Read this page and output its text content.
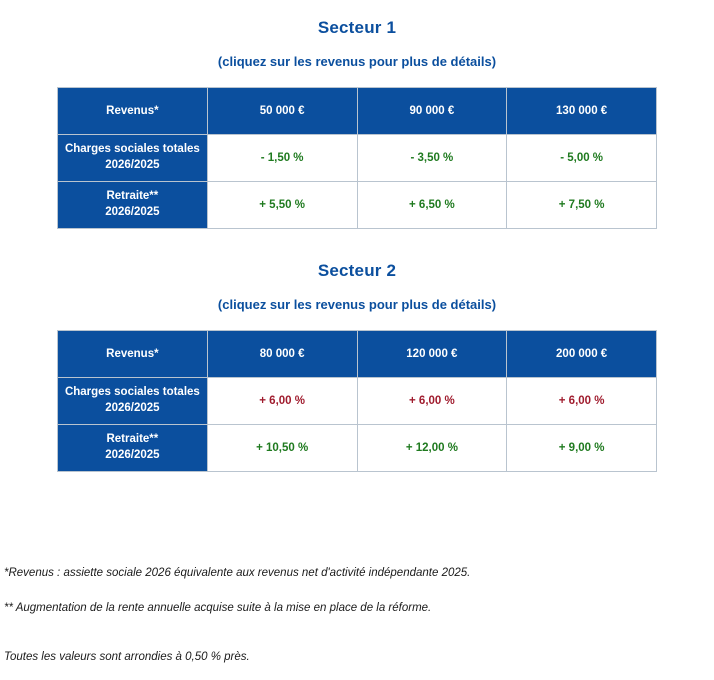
Secteur 1
(cliquez sur les revenus pour plus de détails)
Revenus*	50 000 €	90 000 €	130 000 €

Charges sociales totales
2026/2025	- 1,50 %	- 3,50 %	- 5,00 %

Retraite**
2026/2025	+ 5,50 %	+ 6,50 %	+ 7,50 %
Secteur 2
(cliquez sur les revenus pour plus de détails)
Revenus*	80 000 €	120 000 €	200 000 €

Charges sociales totales
2026/2025	+ 6,00 %	+ 6,00 %	+ 6,00 %

Retraite**
2026/2025	+ 10,50 %	+ 12,00 %	+ 9,00 %

*Revenus : assiette sociale 2026 équivalente aux revenus net d'activité indépendante 2025.

** Augmentation de la rente annuelle acquise suite à la mise en place de la réforme.

Toutes les valeurs sont arrondies à 0,50 % près.
